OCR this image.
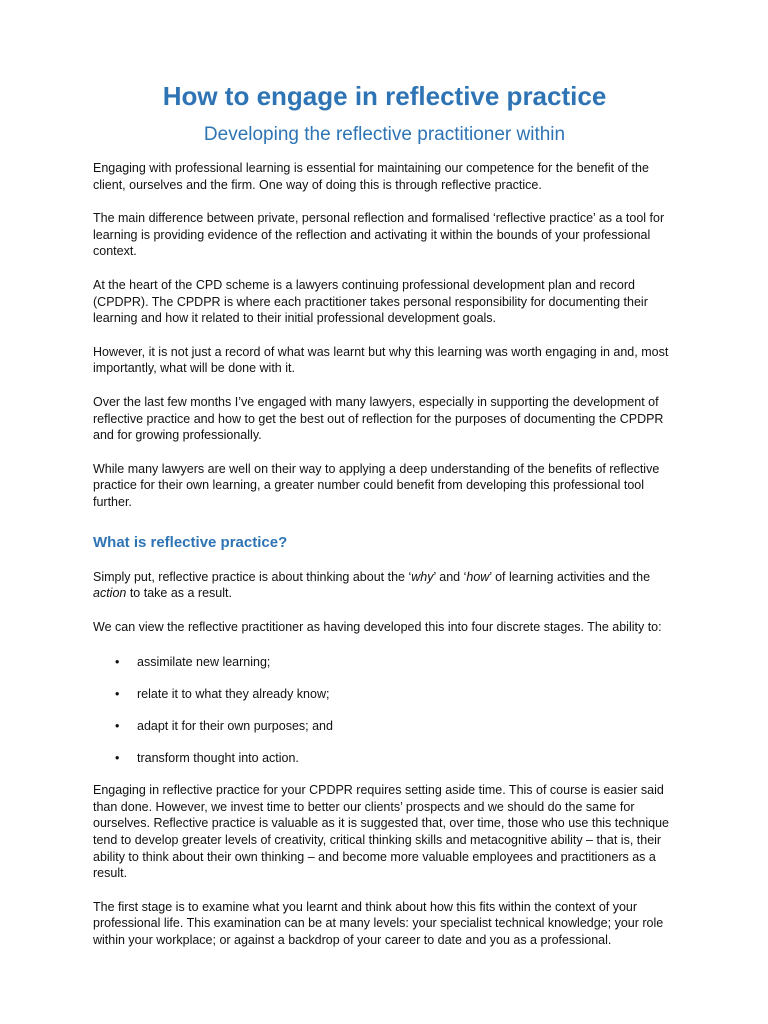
How to engage in reflective practice
Developing the reflective practitioner within

Engaging with professional learning is essential for maintaining our competence for the benefit of the client, ourselves and the firm. One way of doing this is through reflective practice.

The main difference between private, personal reflection and formalised ‘reflective practice’ as a tool for learning is providing evidence of the reflection and activating it within the bounds of your professional context.

At the heart of the CPD scheme is a lawyers continuing professional development plan and record (CPDPR). The CPDPR is where each practitioner takes personal responsibility for documenting their learning and how it related to their initial professional development goals.

However, it is not just a record of what was learnt but why this learning was worth engaging in and, most importantly, what will be done with it.

Over the last few months I’ve engaged with many lawyers, especially in supporting the development of reflective practice and how to get the best out of reflection for the purposes of documenting the CPDPR and for growing professionally.

While many lawyers are well on their way to applying a deep understanding of the benefits of reflective practice for their own learning, a greater number could benefit from developing this professional tool further.

What is reflective practice?

Simply put, reflective practice is about thinking about the ‘why’ and ‘how’ of learning activities and the action to take as a result.

We can view the reflective practitioner as having developed this into four discrete stages. The ability to:

• assimilate new learning;
• relate it to what they already know;
• adapt it for their own purposes; and
• transform thought into action.

Engaging in reflective practice for your CPDPR requires setting aside time. This of course is easier said than done. However, we invest time to better our clients’ prospects and we should do the same for ourselves. Reflective practice is valuable as it is suggested that, over time, those who use this technique tend to develop greater levels of creativity, critical thinking skills and metacognitive ability – that is, their ability to think about their own thinking – and become more valuable employees and practitioners as a result.

The first stage is to examine what you learnt and think about how this fits within the context of your professional life. This examination can be at many levels: your specialist technical knowledge; your role within your workplace; or against a backdrop of your career to date and you as a professional.
